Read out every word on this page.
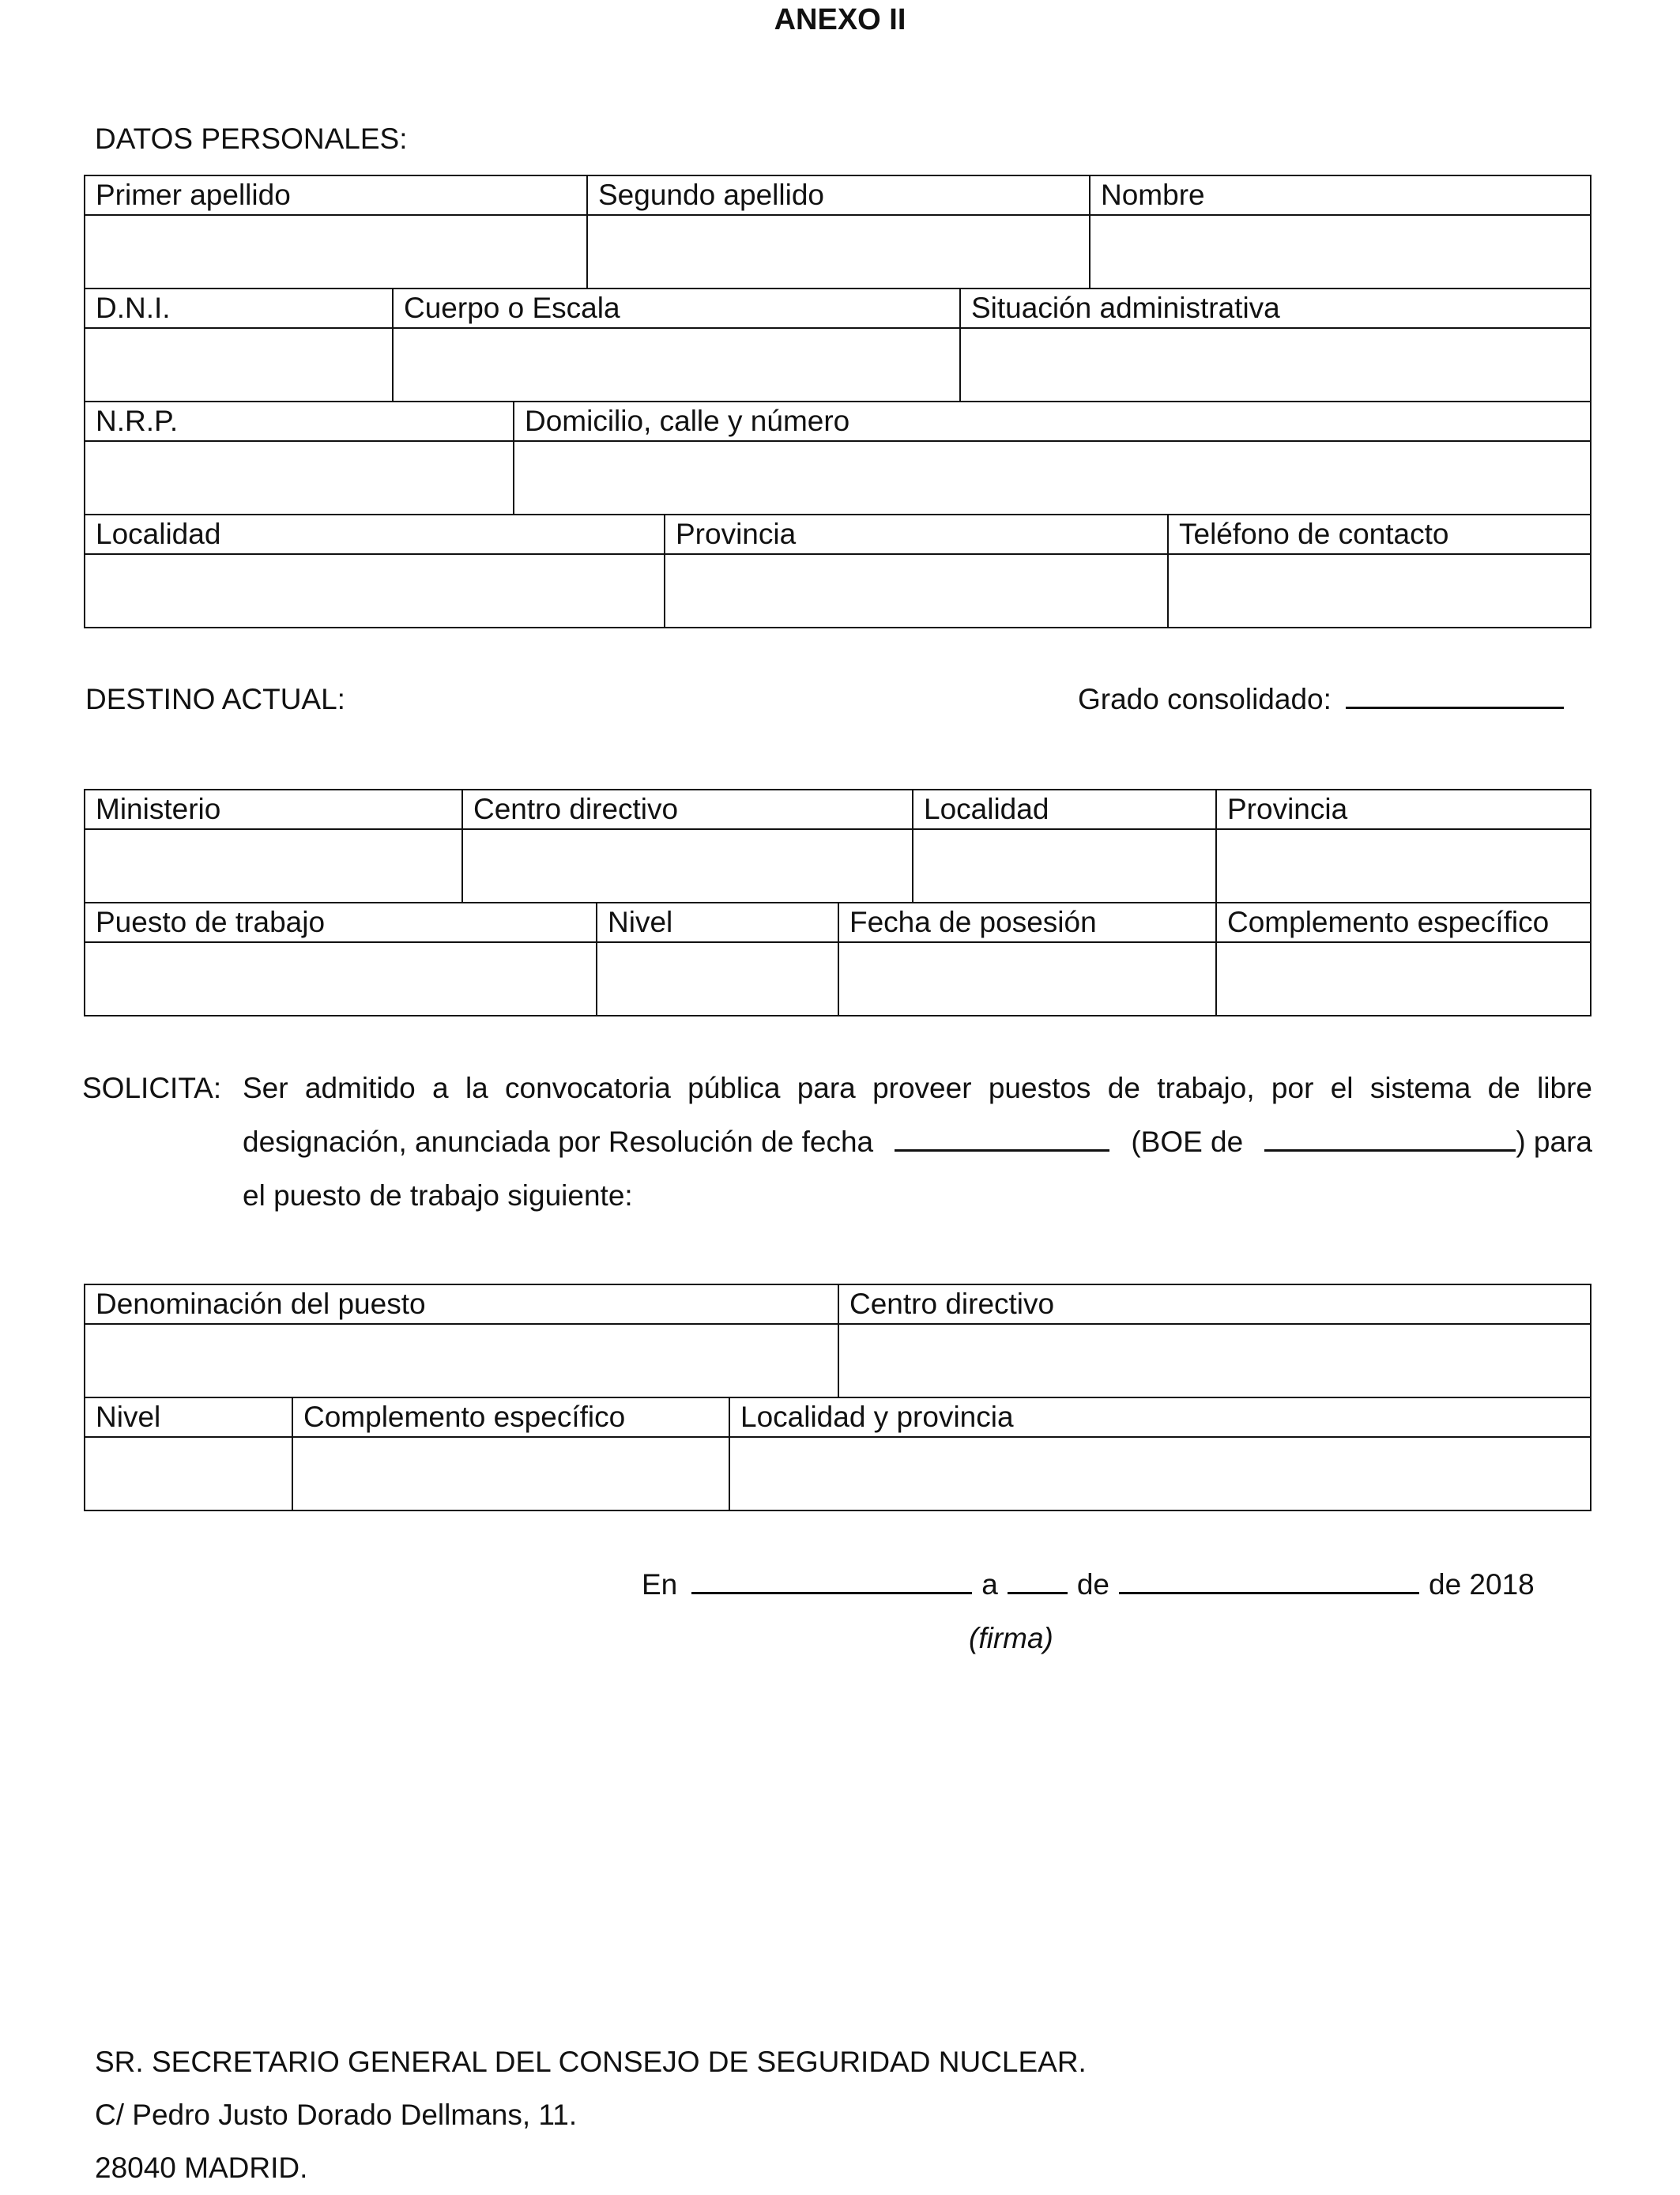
ANEXO II
DATOS PERSONALES:
Primer apellido	Segundo apellido	Nombre

D.N.I.	Cuerpo o Escala	Situación administrativa

N.R.P.	Domicilio, calle y número

Localidad	Provincia	Teléfono de contacto

DESTINO ACTUAL:	Grado consolidado:
Ministerio	Centro directivo	Localidad	Provincia

Puesto de trabajo	Nivel	Fecha de posesión	Complemento específico

SOLICITA: Ser admitido a la convocatoria pública para proveer puestos de trabajo, por el sistema de libre
designación, anunciada por Resolución de fecha	(BOE de	) para
el puesto de trabajo siguiente:
Denominación del puesto	Centro directivo

Nivel	Complemento específico	Localidad y provincia

En	a	de	de 2018
(firma)
SR. SECRETARIO GENERAL DEL CONSEJO DE SEGURIDAD NUCLEAR.
C/ Pedro Justo Dorado Dellmans, 11.
28040 MADRID.
